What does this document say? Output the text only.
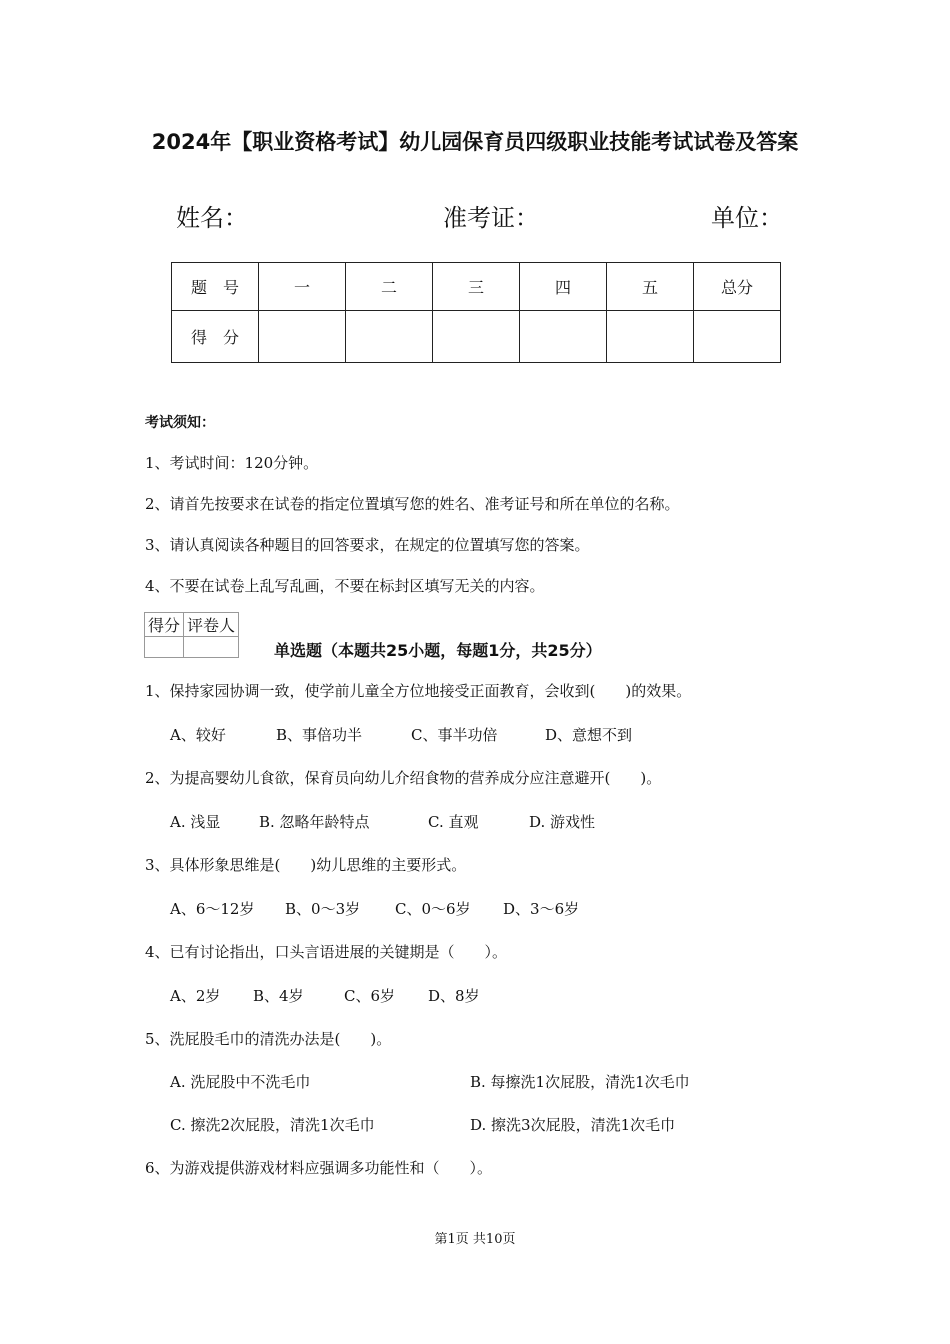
2024年【职业资格考试】幼儿园保育员四级职业技能考试试卷及答案
姓名：	准考证：	单位：
题　号	一	二	三	四	五	总分
得　分						
考试须知：
1、考试时间：120分钟。
2、请首先按要求在试卷的指定位置填写您的姓名、准考证号和所在单位的名称。
3、请认真阅读各种题目的回答要求，在规定的位置填写您的答案。
4、不要在试卷上乱写乱画，不要在标封区填写无关的内容。
得分	评卷人

单选题（本题共25小题，每题1分，共25分）
1、保持家园协调一致，使学前儿童全方位地接受正面教育，会收到(　　)的效果。
A、较好	B、事倍功半	C、事半功倍	D、意想不到
2、为提高婴幼儿食欲，保育员向幼儿介绍食物的营养成分应注意避开(　　)。
A. 浅显	B. 忽略年龄特点	C. 直观	D. 游戏性
3、具体形象思维是(　　)幼儿思维的主要形式。
A、6～12岁 B、0～3岁 C、0～6岁 D、3～6岁
4、已有讨论指出，口头言语进展的关键期是（　　）。
A、2岁 B、4岁	C、6岁 D、8岁
5、洗屁股毛巾的清洗办法是(　　)。
A. 洗屁股中不洗毛巾	B. 每擦洗1次屁股，清洗1次毛巾
C. 擦洗2次屁股，清洗1次毛巾	D. 擦洗3次屁股，清洗1次毛巾
6、为游戏提供游戏材料应强调多功能性和（　　）。
第1页 共10页
